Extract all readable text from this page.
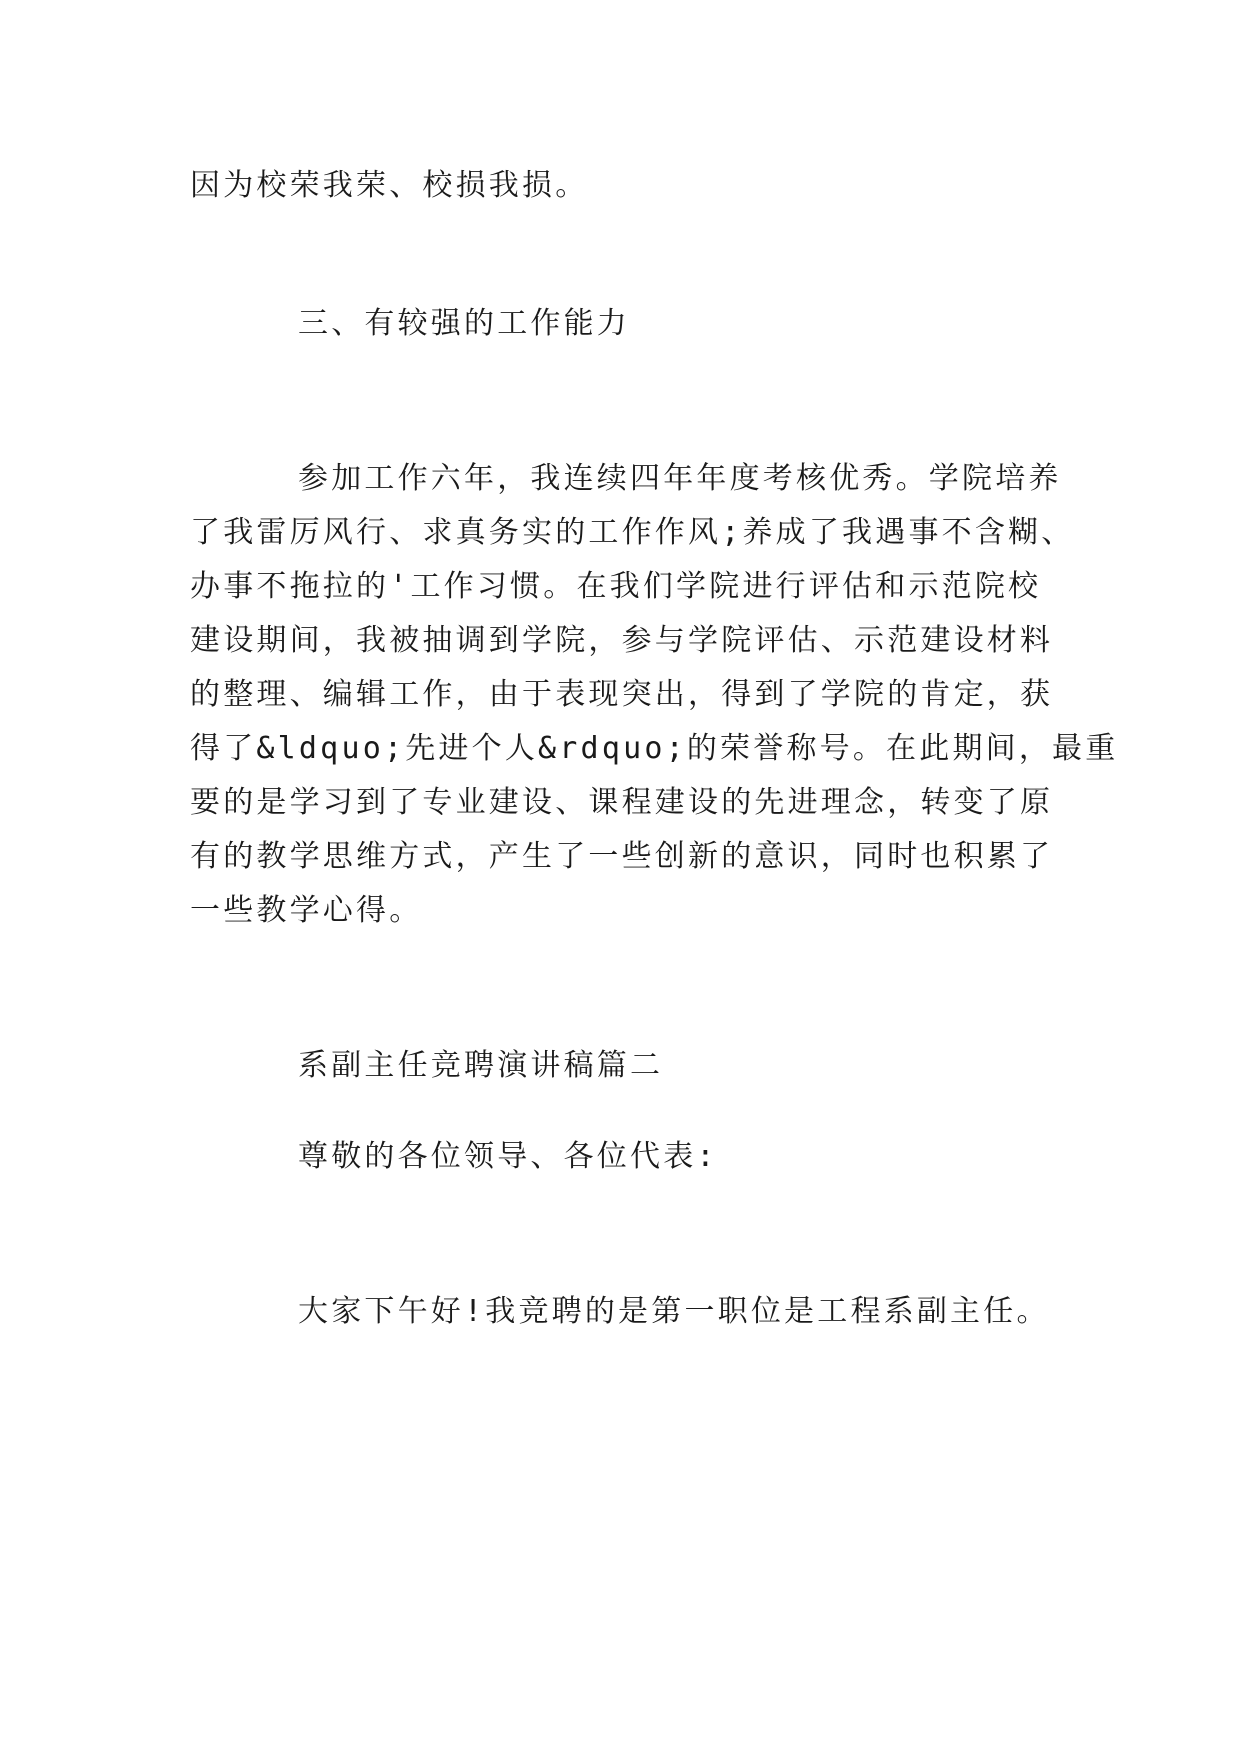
因为校荣我荣、校损我损。
三、有较强的工作能力
参加工作六年，我连续四年年度考核优秀。学院培养
了我雷厉风行、求真务实的工作作风;养成了我遇事不含糊、
办事不拖拉的'工作习惯。在我们学院进行评估和示范院校
建设期间，我被抽调到学院，参与学院评估、示范建设材料
的整理、编辑工作，由于表现突出，得到了学院的肯定，获
得了&ldquo;先进个人&rdquo;的荣誉称号。在此期间，最重
要的是学习到了专业建设、课程建设的先进理念，转变了原
有的教学思维方式，产生了一些创新的意识，同时也积累了
一些教学心得。
系副主任竞聘演讲稿篇二
尊敬的各位领导、各位代表:
大家下午好!我竞聘的是第一职位是工程系副主任。
